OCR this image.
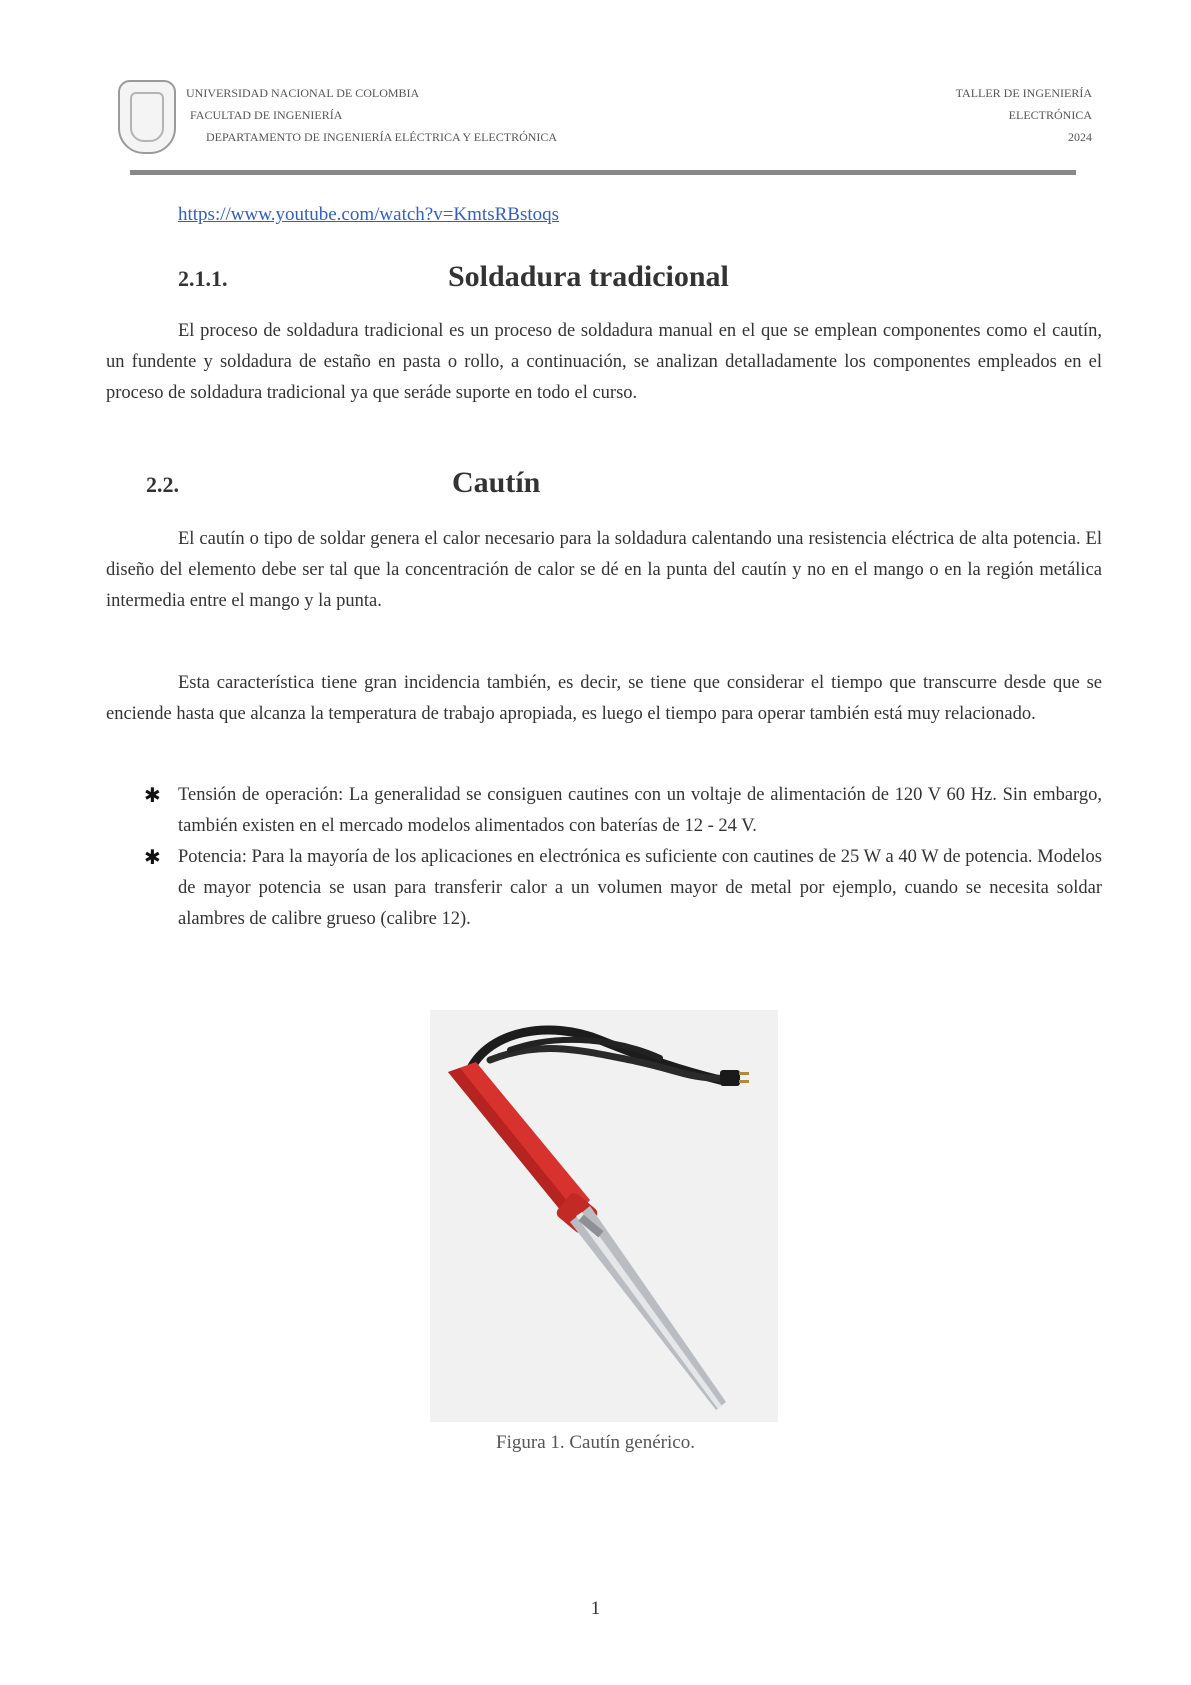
UNIVERSIDAD NACIONAL DE COLOMBIA
FACULTAD DE INGENIERÍA
DEPARTAMENTO DE INGENIERÍA ELÉCTRICA Y ELECTRÓNICA
TALLER DE INGENIERÍA
ELECTRÓNICA
2024
https://www.youtube.com/watch?v=KmtsRBstoqs
2.1.1.	Soldadura tradicional

El proceso de soldadura tradicional es un proceso de soldadura manual en el que se emplean componentes como el cautín, un fundente y soldadura de estaño en pasta o rollo, a continuación, se analizan detalladamente los componentes empleados en el proceso de soldadura tradicional ya que seráde suporte en todo el curso.

2.2.	Cautín

El cautín o tipo de soldar genera el calor necesario para la soldadura calentando una resistencia eléctrica de alta potencia. El diseño del elemento debe ser tal que la concentración de calor se dé en la punta del cautín y no en el mango o en la región metálica intermedia entre el mango y la punta.

Esta característica tiene gran incidencia también, es decir, se tiene que considerar el tiempo que transcurre desde que se enciende hasta que alcanza la temperatura de trabajo apropiada, es luego el tiempo para operar también está muy relacionado.

✱ Tensión de operación: La generalidad se consiguen cautines con un voltaje de alimentación de 120 V 60 Hz. Sin embargo, también existen en el mercado modelos alimentados con baterías de 12 - 24 V.
✱ Potencia: Para la mayoría de los aplicaciones en electrónica es suficiente con cautines de 25 W a 40 W de potencia. Modelos de mayor potencia se usan para transferir calor a un volumen mayor de metal por ejemplo, cuando se necesita soldar alambres de calibre grueso (calibre 12).
Figura 1. Cautín genérico.
1
